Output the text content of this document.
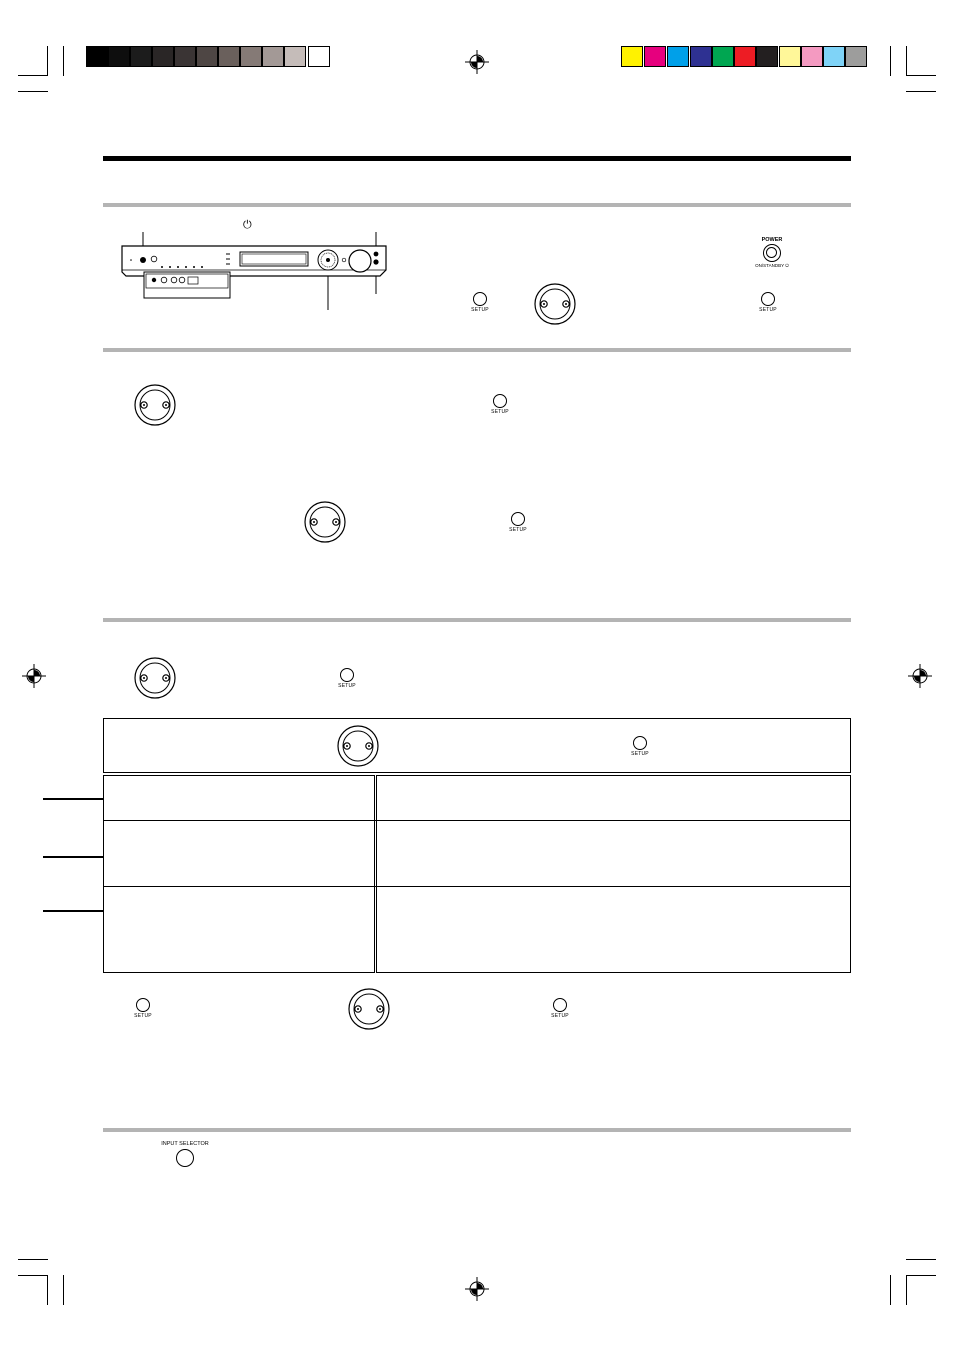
⏻
SETUP
POWER
ON/STANDBY ⏻
SETUP
SETUP
SETUP
SETUP
SETUP
SETUP	SETUP
INPUT SELECTOR
